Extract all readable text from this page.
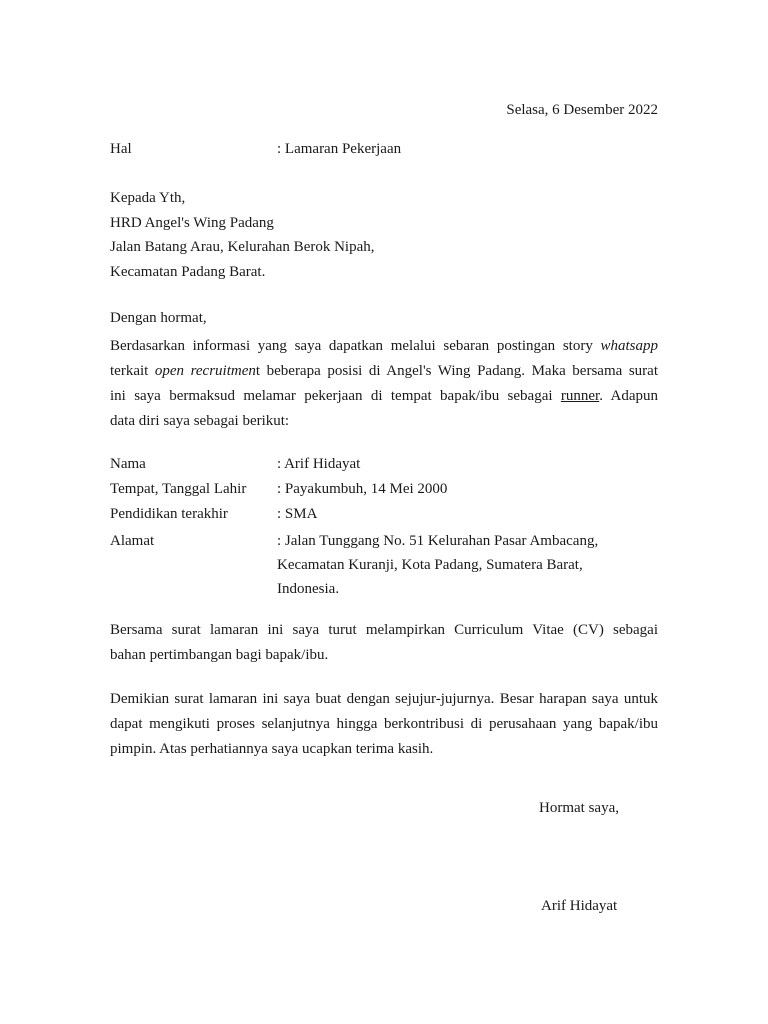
Selasa, 6 Desember 2022
Hal	: Lamaran Pekerjaan
Kepada Yth,
HRD Angel's Wing Padang
Jalan Batang Arau, Kelurahan Berok Nipah,
Kecamatan Padang Barat.
Dengan hormat,
Berdasarkan informasi yang saya dapatkan melalui sebaran postingan story whatsapp
terkait open recruitment beberapa posisi di Angel's Wing Padang. Maka bersama surat
ini saya bermaksud melamar pekerjaan di tempat bapak/ibu sebagai runner. Adapun
data diri saya sebagai berikut:
Nama	: Arif Hidayat
Tempat, Tanggal Lahir : Payakumbuh, 14 Mei 2000
Pendidikan terakhir	: SMA
Alamat	: Jalan Tunggang No. 51 Kelurahan Pasar Ambacang,
Kecamatan Kuranji, Kota Padang, Sumatera Barat,
Indonesia.
Bersama surat lamaran ini saya turut melampirkan Curriculum Vitae (CV) sebagai
bahan pertimbangan bagi bapak/ibu.
Demikian surat lamaran ini saya buat dengan sejujur-jujurnya. Besar harapan saya untuk
dapat mengikuti proses selanjutnya hingga berkontribusi di perusahaan yang bapak/ibu
pimpin. Atas perhatiannya saya ucapkan terima kasih.
Hormat saya,
Arif Hidayat
